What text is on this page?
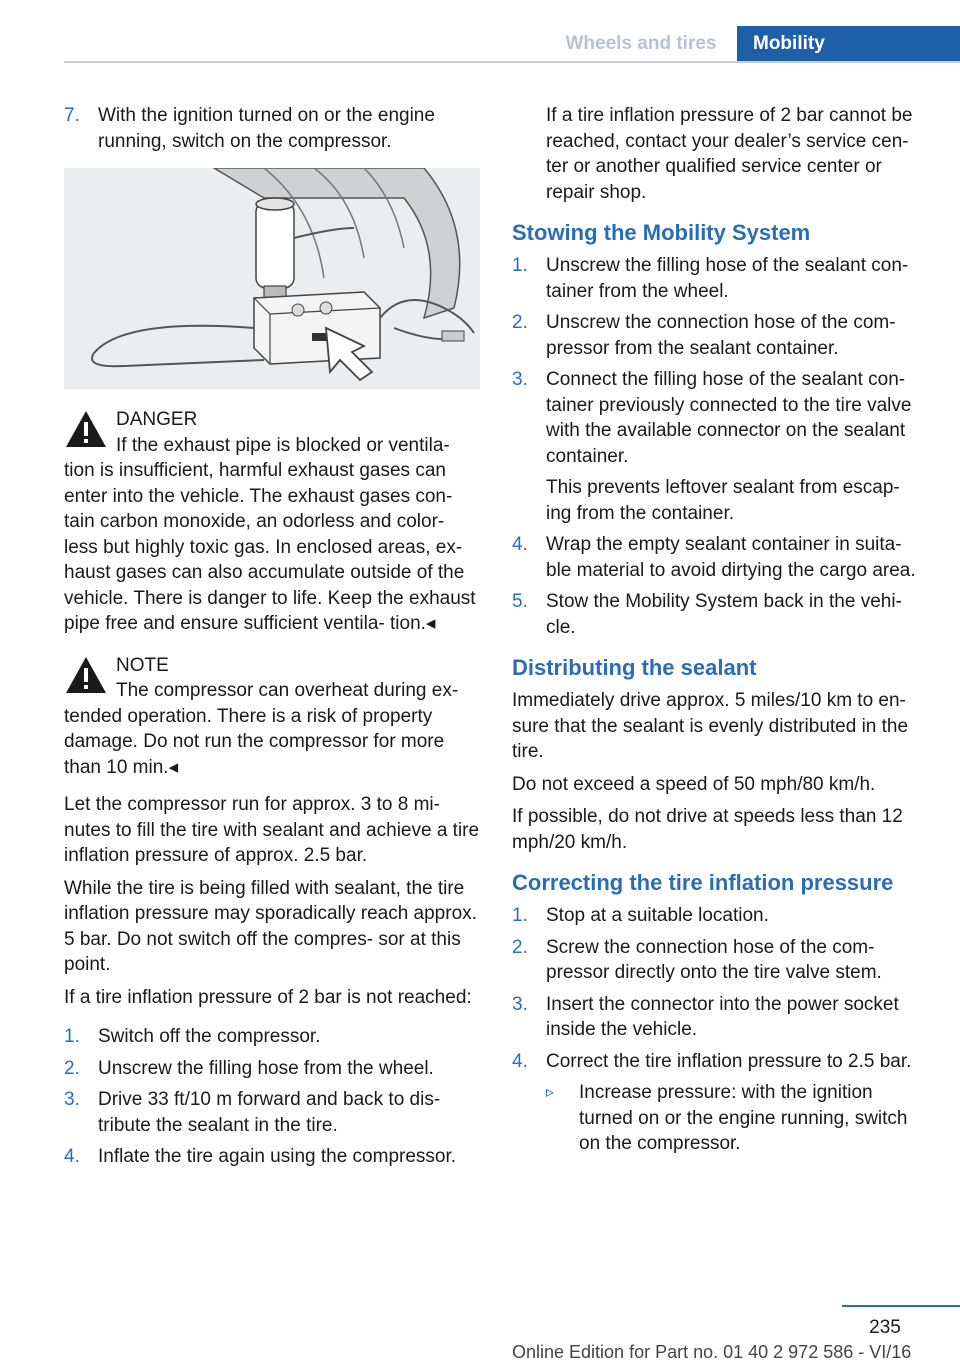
Wheels and tires	Mobility
7. With the ignition turned on or the engine running, switch on the compressor.
DANGER
If the exhaust pipe is blocked or ventila-
tion is insufficient, harmful exhaust gases can enter into the vehicle. The exhaust gases con- tain carbon monoxide, an odorless and color- less but highly toxic gas. In enclosed areas, ex- haust gases can also accumulate outside of the vehicle. There is danger to life. Keep the exhaust pipe free and ensure sufficient ventila- tion.◂
NOTE
The compressor can overheat during ex-
tended operation. There is a risk of property damage. Do not run the compressor for more than 10 min.◂

Let the compressor run for approx. 3 to 8 mi- nutes to fill the tire with sealant and achieve a tire inflation pressure of approx. 2.5 bar.

While the tire is being filled with sealant, the tire inflation pressure may sporadically reach approx. 5 bar. Do not switch off the compres- sor at this point.

If a tire inflation pressure of 2 bar is not reached:

1. Switch off the compressor.
2. Unscrew the filling hose from the wheel.
3. Drive 33 ft/10 m forward and back to dis- tribute the sealant in the tire.
4. Inflate the tire again using the compressor.

If a tire inflation pressure of 2 bar cannot be reached, contact your dealer’s service cen- ter or another qualified service center or repair shop.

Stowing the Mobility System
1. Unscrew the filling hose of the sealant con- tainer from the wheel.
2. Unscrew the connection hose of the com- pressor from the sealant container.
3. Connect the filling hose of the sealant con- tainer previously connected to the tire valve with the available connector on the sealant container.

This prevents leftover sealant from escap- ing from the container.

4. Wrap the empty sealant container in suita- ble material to avoid dirtying the cargo area.
5. Stow the Mobility System back in the vehi- cle.
Distributing the sealant

Immediately drive approx. 5 miles/10 km to en- sure that the sealant is evenly distributed in the tire.

Do not exceed a speed of 50 mph/80 km/h.

If possible, do not drive at speeds less than 12 mph/20 km/h.

Correcting the tire inflation pressure
1. Stop at a suitable location.
2. Screw the connection hose of the com- pressor directly onto the tire valve stem.
3. Insert the connector into the power socket inside the vehicle.
4. Correct the tire inflation pressure to 2.5 bar.
▹	Increase pressure: with the ignition turned on or the engine running, switch on the compressor.
235
Online Edition for Part no. 01 40 2 972 586 - VI/16
